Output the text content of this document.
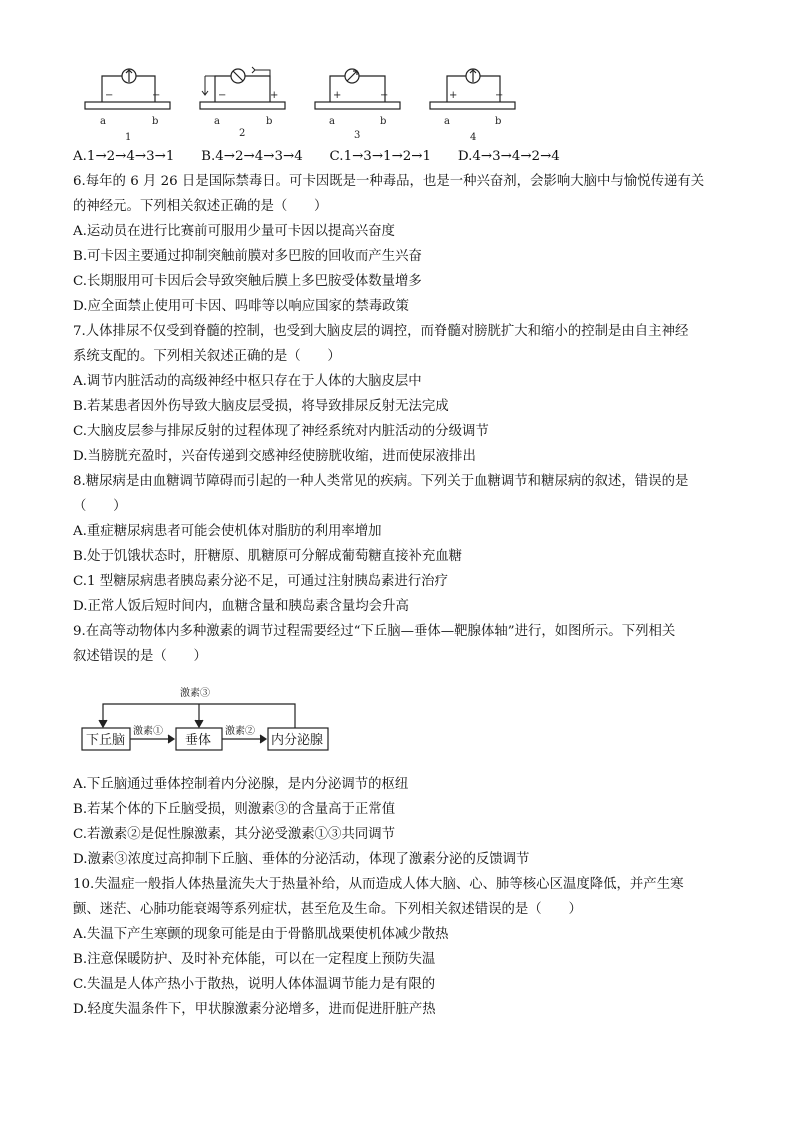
−	−
a	b
1
−	+
a	b
2
+	−
a	b
3
+	−
a	b
4
A.1→2→4→3→1　　B.4→2→4→3→4　　C.1→3→1→2→1　　D.4→3→4→2→4
6.每年的 6 月 26 日是国际禁毒日。可卡因既是一种毒品，也是一种兴奋剂，会影响大脑中与愉悦传递有关
的神经元。下列相关叙述正确的是（　　）
A.运动员在进行比赛前可服用少量可卡因以提高兴奋度
B.可卡因主要通过抑制突触前膜对多巴胺的回收而产生兴奋
C.长期服用可卡因后会导致突触后膜上多巴胺受体数量增多
D.应全面禁止使用可卡因、吗啡等以响应国家的禁毒政策
7.人体排尿不仅受到脊髓的控制，也受到大脑皮层的调控，而脊髓对膀胱扩大和缩小的控制是由自主神经
系统支配的。下列相关叙述正确的是（　　）
A.调节内脏活动的高级神经中枢只存在于人体的大脑皮层中
B.若某患者因外伤导致大脑皮层受损，将导致排尿反射无法完成
C.大脑皮层参与排尿反射的过程体现了神经系统对内脏活动的分级调节
D.当膀胱充盈时，兴奋传递到交感神经使膀胱收缩，进而使尿液排出
8.糖尿病是由血糖调节障碍而引起的一种人类常见的疾病。下列关于血糖调节和糖尿病的叙述，错误的是
（　　）
A.重症糖尿病患者可能会使机体对脂肪的利用率增加
B.处于饥饿状态时，肝糖原、肌糖原可分解成葡萄糖直接补充血糖
C.1 型糖尿病患者胰岛素分泌不足，可通过注射胰岛素进行治疗
D.正常人饭后短时间内，血糖含量和胰岛素含量均会升高
9.在高等动物体内多种激素的调节过程需要经过“下丘脑—垂体—靶腺体轴”进行，如图所示。下列相关
叙述错误的是（　　）
激素③
激素①	激素②
下丘脑	垂体	内分泌腺
A.下丘脑通过垂体控制着内分泌腺，是内分泌调节的枢纽
B.若某个体的下丘脑受损，则激素③的含量高于正常值
C.若激素②是促性腺激素，其分泌受激素①③共同调节
D.激素③浓度过高抑制下丘脑、垂体的分泌活动，体现了激素分泌的反馈调节
10.失温症一般指人体热量流失大于热量补给，从而造成人体大脑、心、肺等核心区温度降低，并产生寒
颤、迷茫、心肺功能衰竭等系列症状，甚至危及生命。下列相关叙述错误的是（　　）
A.失温下产生寒颤的现象可能是由于骨骼肌战栗使机体减少散热
B.注意保暖防护、及时补充体能，可以在一定程度上预防失温
C.失温是人体产热小于散热，说明人体体温调节能力是有限的
D.轻度失温条件下，甲状腺激素分泌增多，进而促进肝脏产热
